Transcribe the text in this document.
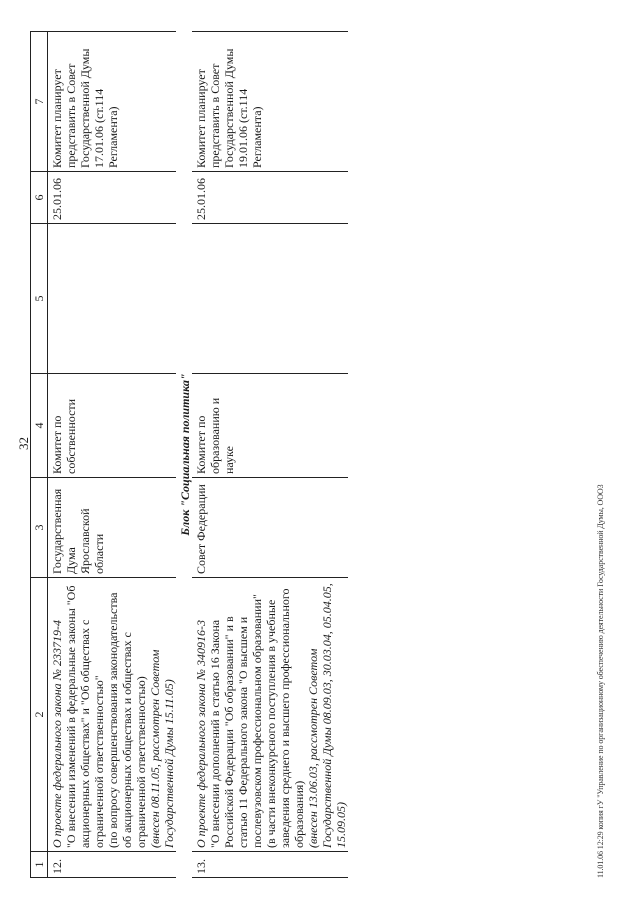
32
1	2	3	4	5	6	7
12.	О проекте федерального закона № 233719-4 "О внесении изменений в федеральные законы "Об акционерных обществах" и "Об обществах с ограниченной ответственностью" (по вопросу совершенствования законодательства об акционерных обществах и обществах с ограниченной ответственностью) (внесен 08.11.05, рассмотрен Советом Государственной Думы 15.11.05)	Государственная Дума Ярославской области	Комитет по собственности		25.01.06	Комитет планирует представить в Совет Государственной Думы 17.01.06 (ст.114 Регламента)
Блок "Социальная политика"						
13.	О проекте федерального закона № 340916-3 "О внесении дополнений в статью 16 Закона Российской Федерации "Об образовании" и в статью 11 Федерального закона "О высшем и послевузовском профессиональном образовании" (в части внеконкурсного поступления в учебные заведения среднего и высшего профессионального образования) (внесен 13.06.03, рассмотрен Советом Государственной Думы 08.09.03, 30.03.04, 05.04.05, 15.09.05)	Совет Федерации	Комитет по образованию и науке		25.01.06	Комитет планирует представить в Совет Государственной Думы 19.01.06 (ст.114 Регламента)
11.01.06 12:29 копия гУ "Управление по организационному обеспечению деятельности Государственной Думы, ООО3
